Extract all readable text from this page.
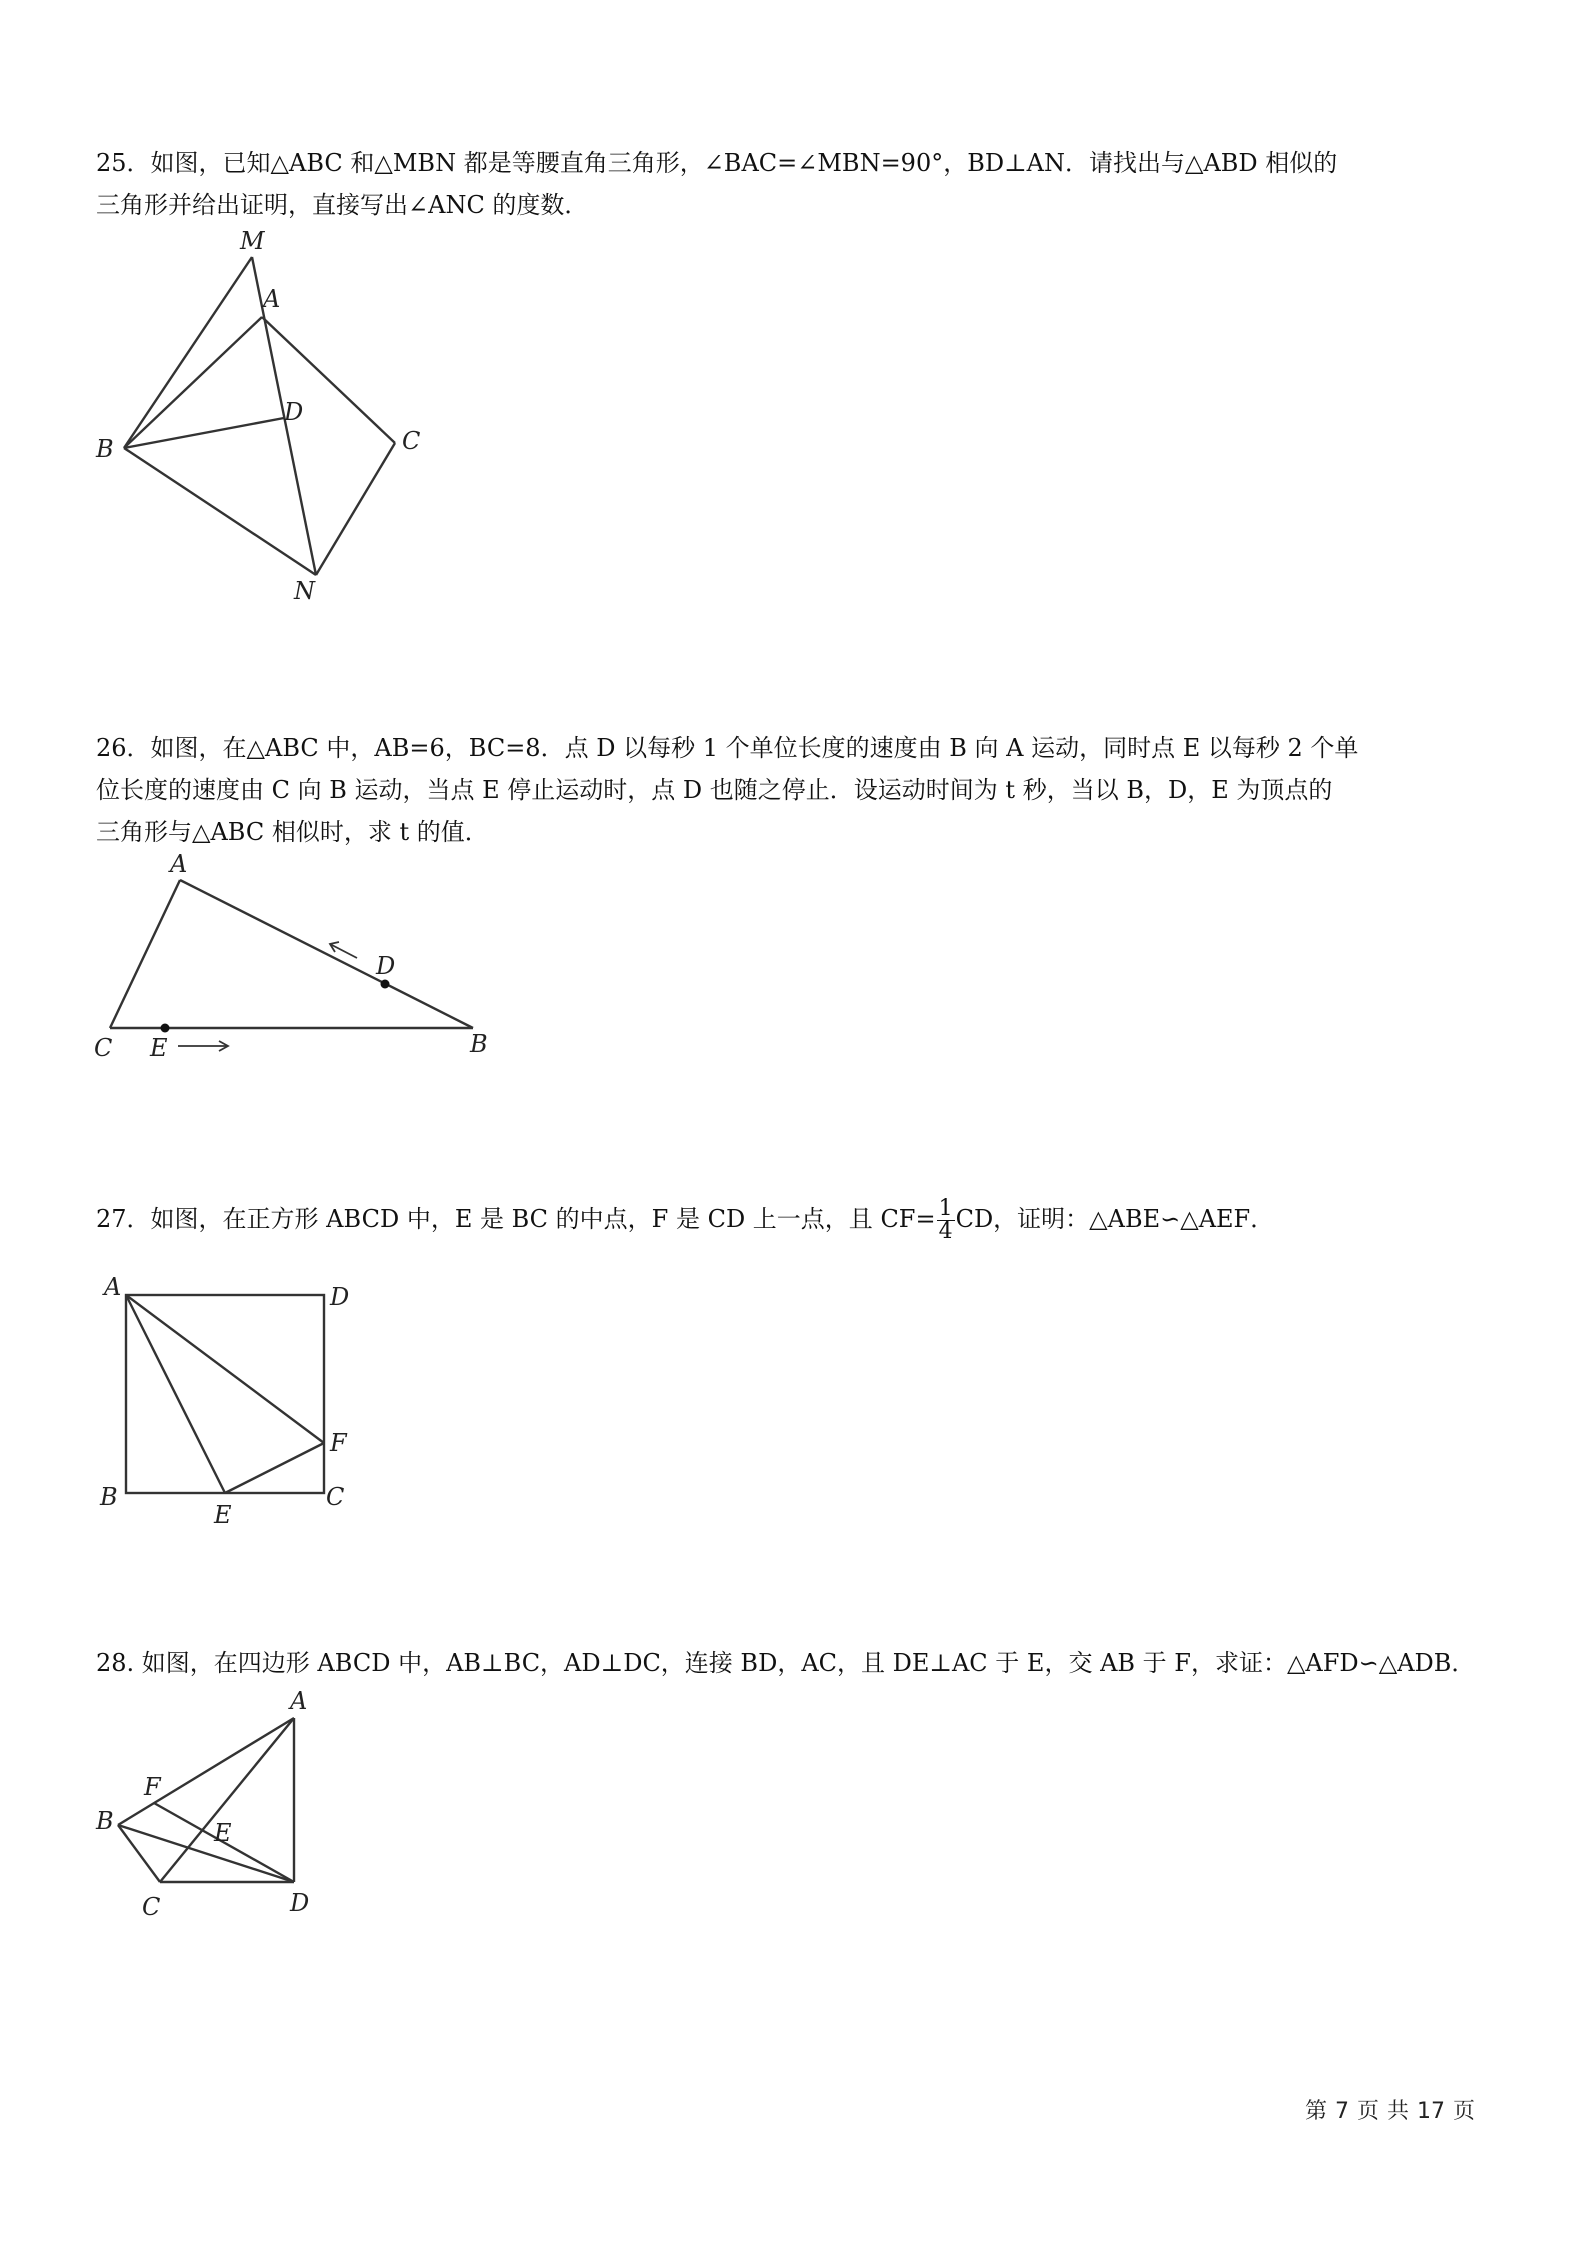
25．如图，已知△ABC 和△MBN 都是等腰直角三角形，∠BAC=∠MBN=90°，BD⊥AN．请找出与△ABD 相似的

三角形并给出证明，直接写出∠ANC 的度数．

M
A
D
B	C
N

26．如图，在△ABC 中，AB=6，BC=8．点 D 以每秒 1 个单位长度的速度由 B 向 A 运动，同时点 E 以每秒 2 个单

位长度的速度由 C 向 B 运动，当点 E 停止运动时，点 D 也随之停止．设运动时间为 t 秒，当以 B，D，E 为顶点的

三角形与△ABC 相似时，求 t 的值．

A
D
C E	B

27．如图，在正方形 ABCD 中，E 是 BC 的中点，F 是 CD 上一点，且 $CF= \frac{1}{4}$ CD，证明：△ABE∽△AEF．

A	D
F
B
E
C

28. 如图，在四边形 ABCD 中，AB⊥BC，AD⊥DC，连接 BD，AC，且 DE⊥AC 于 E，交 AB 于 F，求证：△AFD∽△ADB．

A
F
B	E
C	D
第 7 页 共 17 页
